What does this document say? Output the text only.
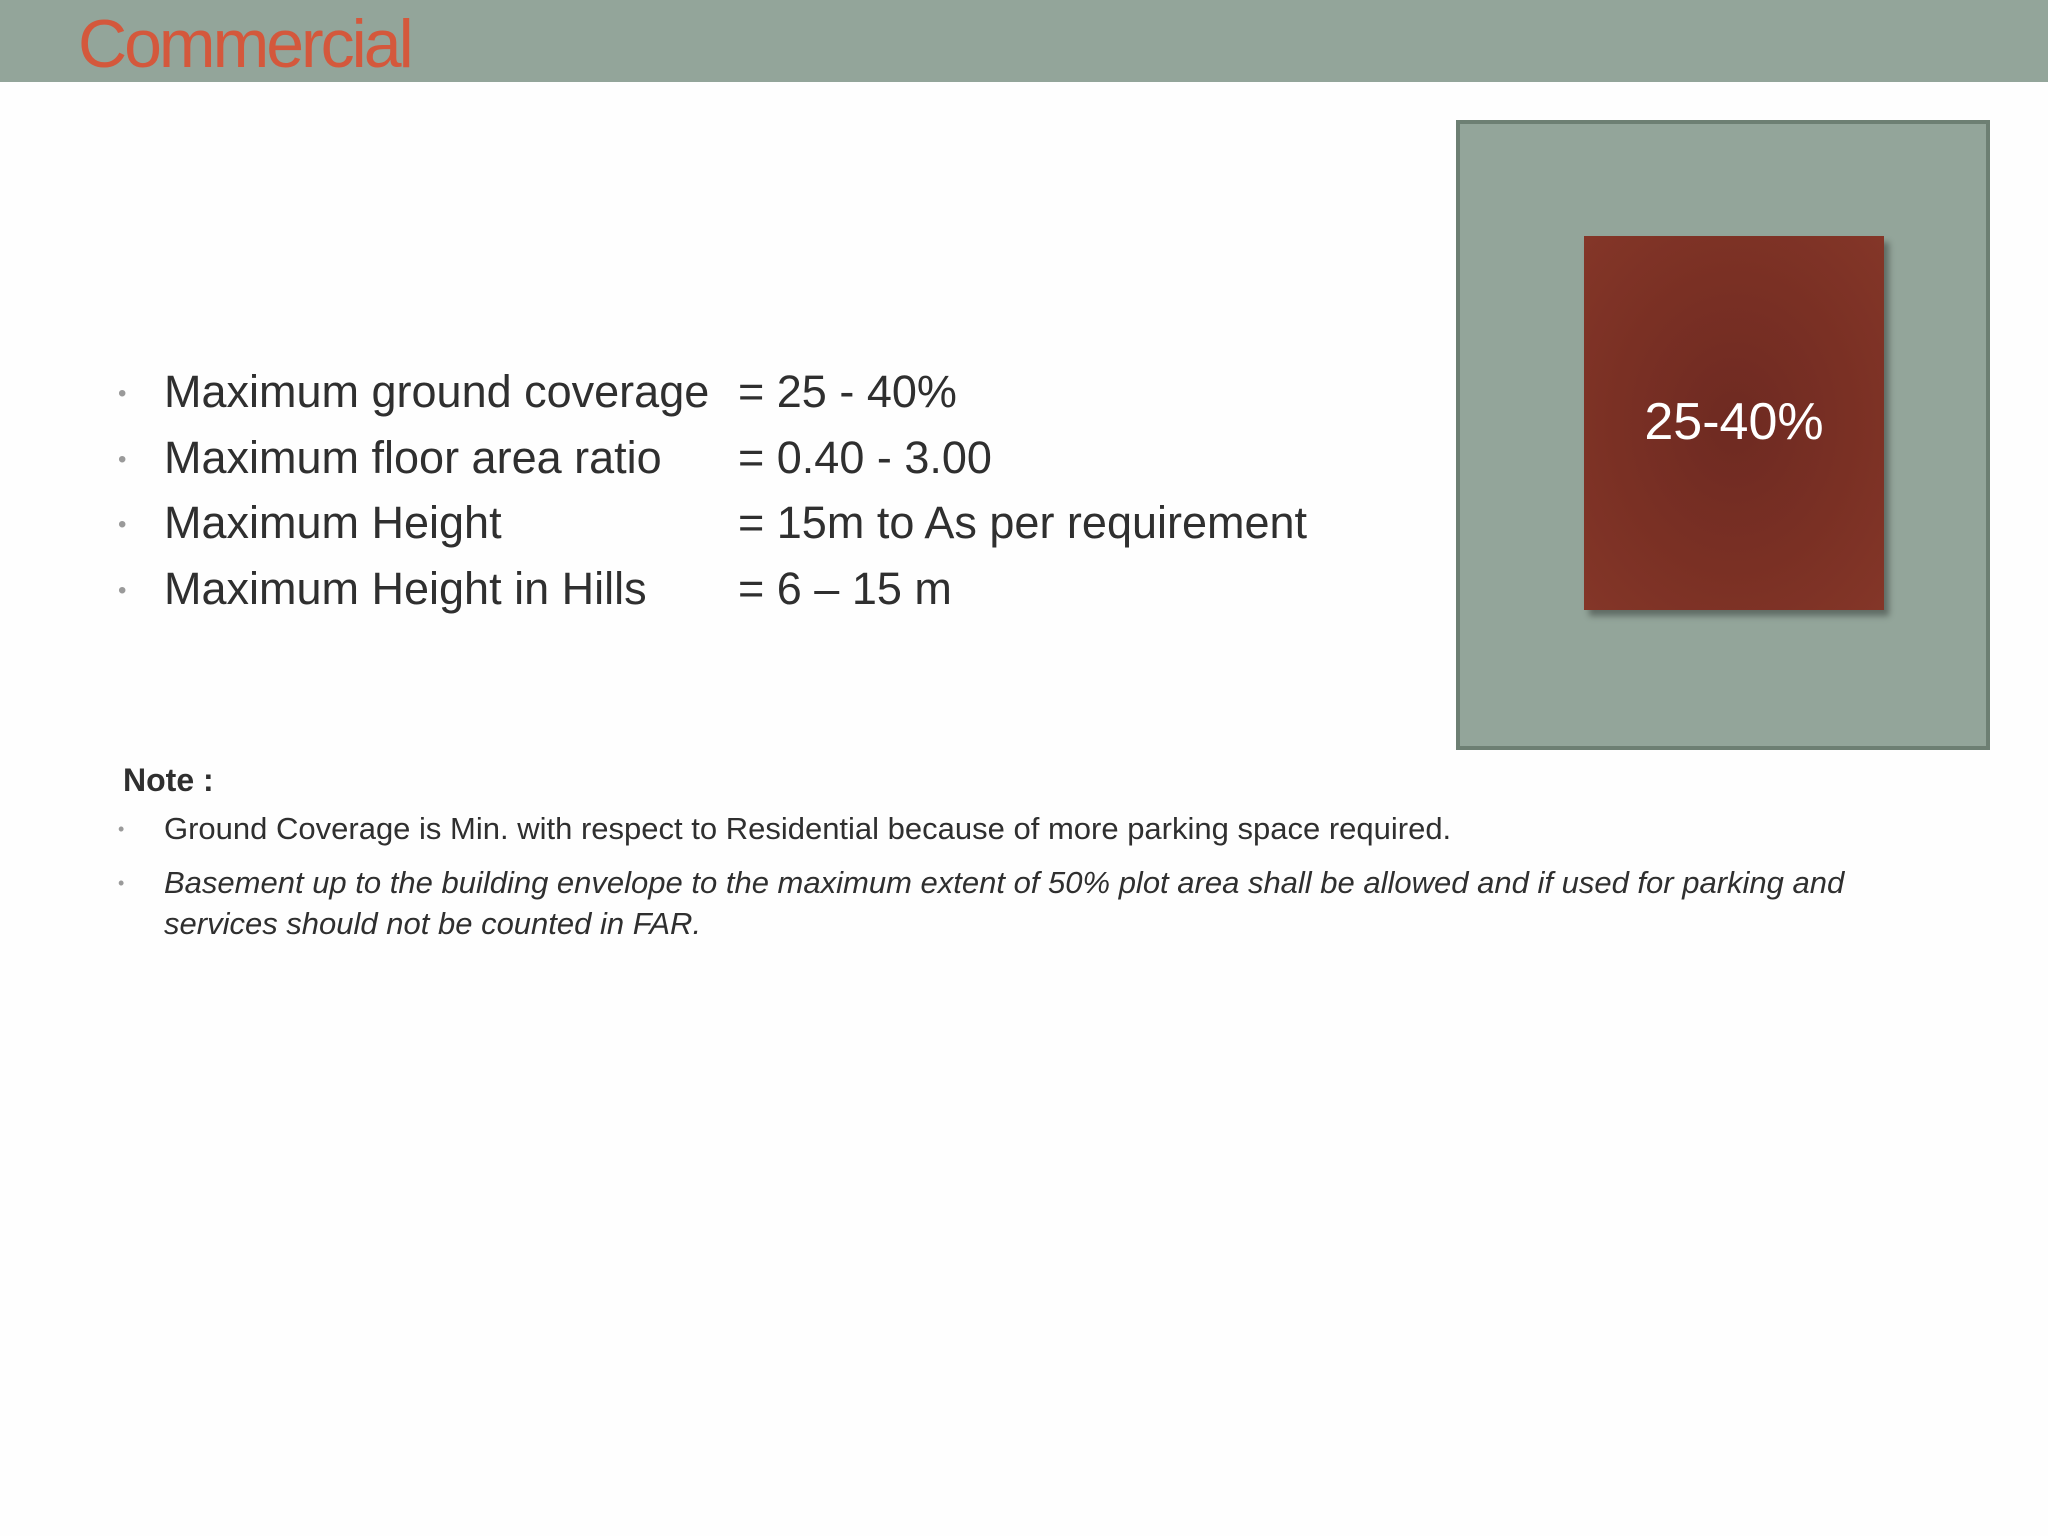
Commercial
• Maximum ground coverage = 25 - 40%
• Maximum floor area ratio	= 0.40 - 3.00
• Maximum Height	= 15m to As per requirement
• Maximum Height in Hills	= 6 – 15 m
Note :
•	Ground Coverage is Min. with respect to Residential because of more parking space required.
•	Basement up to the building envelope to the maximum extent of 50% plot area shall be allowed and if used for parking and services should not be counted in FAR.
25-40%
